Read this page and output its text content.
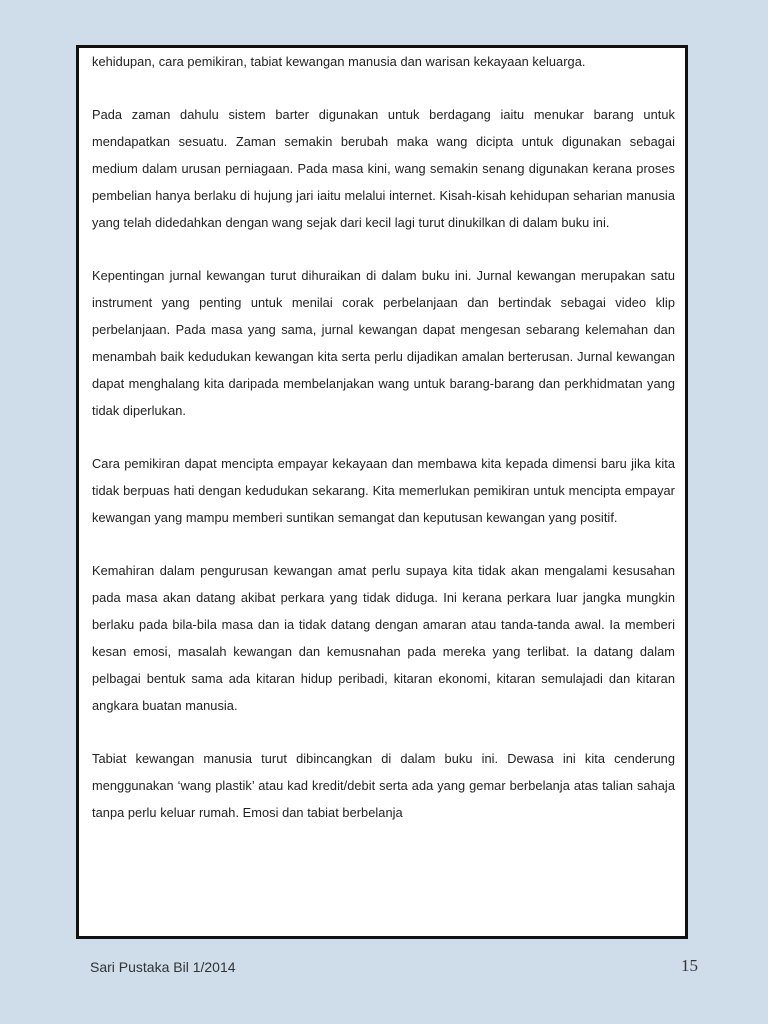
kehidupan, cara pemikiran, tabiat kewangan manusia dan warisan kekayaan keluarga.

Pada zaman dahulu sistem barter digunakan untuk berdagang iaitu menukar barang untuk mendapatkan sesuatu. Zaman semakin berubah maka wang dicipta untuk digunakan sebagai medium dalam urusan perniagaan. Pada masa kini, wang semakin senang digunakan kerana proses pembelian hanya berlaku di hujung jari iaitu melalui internet. Kisah-kisah kehidupan seharian manusia yang telah didedahkan dengan wang sejak dari kecil lagi turut dinukilkan di dalam buku ini.

Kepentingan jurnal kewangan turut dihuraikan di dalam buku ini. Jurnal kewangan merupakan satu instrument yang penting untuk menilai corak perbelanjaan dan bertindak sebagai video klip perbelanjaan. Pada masa yang sama, jurnal kewangan dapat mengesan sebarang kelemahan dan menambah baik kedudukan kewangan kita serta perlu dijadikan amalan berterusan. Jurnal kewangan dapat menghalang kita daripada membelanjakan wang untuk barang-barang dan perkhidmatan yang tidak diperlukan.

Cara pemikiran dapat mencipta empayar kekayaan dan membawa kita kepada dimensi baru jika kita tidak berpuas hati dengan kedudukan sekarang. Kita memerlukan pemikiran untuk mencipta empayar kewangan yang mampu memberi suntikan semangat dan keputusan kewangan yang positif.

Kemahiran dalam pengurusan kewangan amat perlu supaya kita tidak akan mengalami kesusahan pada masa akan datang akibat perkara yang tidak diduga. Ini kerana perkara luar jangka mungkin berlaku pada bila-bila masa dan ia tidak datang dengan amaran atau tanda-tanda awal. Ia memberi kesan emosi, masalah kewangan dan kemusnahan pada mereka yang terlibat. Ia datang dalam pelbagai bentuk sama ada kitaran hidup peribadi, kitaran ekonomi, kitaran semulajadi dan kitaran angkara buatan manusia.

Tabiat kewangan manusia turut dibincangkan di dalam buku ini. Dewasa ini kita cenderung menggunakan ‘wang plastik’ atau kad kredit/debit serta ada yang gemar berbelanja atas talian sahaja tanpa perlu keluar rumah. Emosi dan tabiat berbelanja

Sari Pustaka Bil 1/2014	15
